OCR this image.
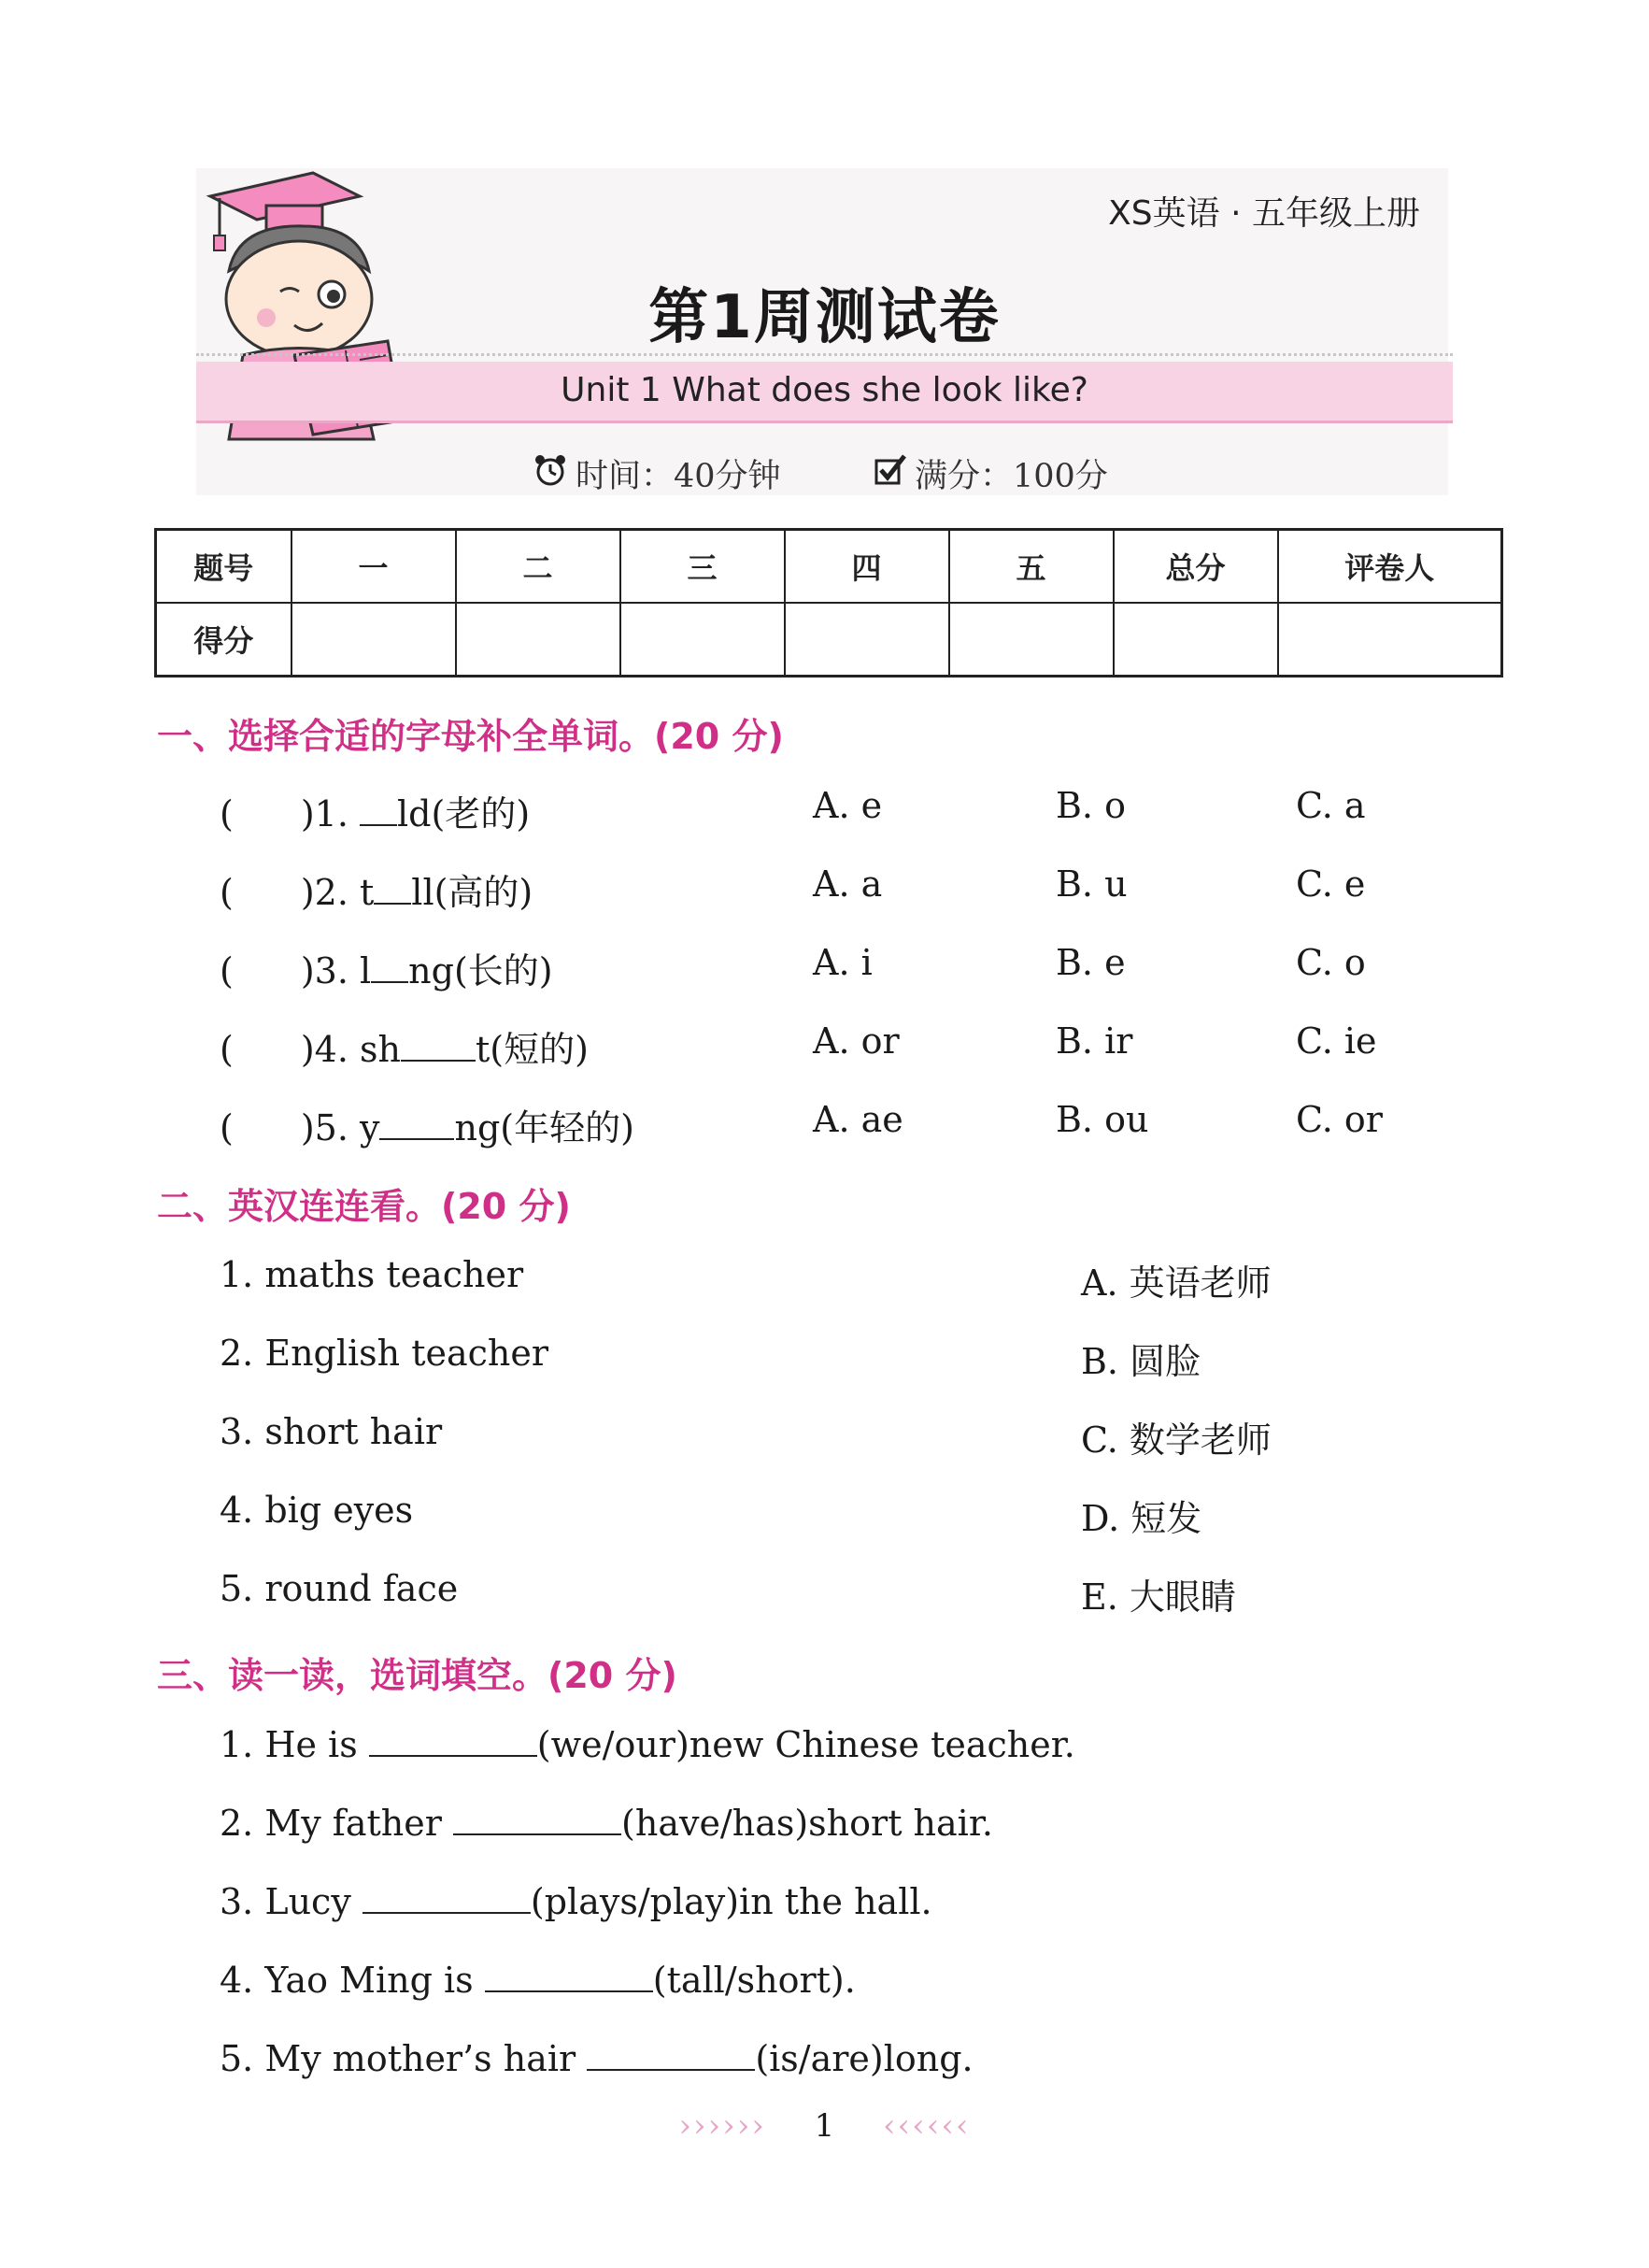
XS英语 · 五年级上册
第1周测试卷
Unit 1 What does she look like?
时间：40分钟	满分：100分
题号	一	二	三	四	五	总分	评卷人
得分							
一、选择合适的字母补全单词。(20 分)
( )1. ld(老的)	A. e	B. o	C. a
( )2. t ll(高的)	A. a	B. u	C. e
( )3. l ng(长的)	A. i	B. e	C. o
( )4. sh t(短的)	A. or	B. ir	C. ie
( )5. y ng(年轻的)	A. ae	B. ou	C. or
二、英汉连连看。(20 分)
1. maths teacher
2. English teacher
3. short hair
4. big eyes
5. round face
A. 英语老师
B. 圆脸
C. 数学老师
D. 短发
E. 大眼睛
三、读一读，选词填空。(20 分)
1. He is	(we/our)new Chinese teacher.
2. My father	(have/has)short hair.
3. Lucy	(plays/play)in the hall.
4. Yao Ming is	(tall/short).
5. My mother’s hair	(is/are)long.
›››››› 1 ‹‹‹‹‹‹
